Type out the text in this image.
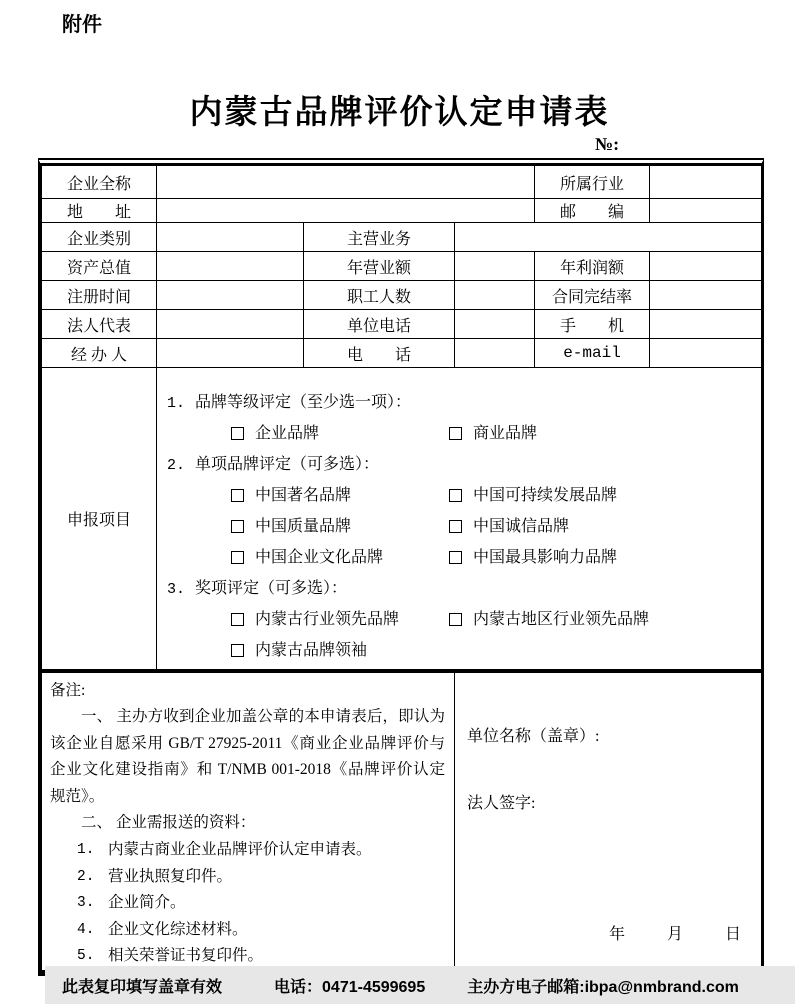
附件
内蒙古品牌评价认定申请表
№:
企业全称				所属行业	
地　　址				邮　　编	
企业类别		主营业务			
资产总值		年营业额		年利润额	
注册时间		职工人数		合同完结率	
法人代表		单位电话		手　　机	
经 办 人		电　　话		e-mail	
申报项目	
1. 品牌等级评定（至少选一项）：
企业品牌	商业品牌
2. 单项品牌评定（可多选）：
中国著名品牌	中国可持续发展品牌
中国质量品牌	中国诚信品牌
中国企业文化品牌	中国最具影响力品牌
3. 奖项评定（可多选）：
内蒙古行业领先品牌	内蒙古地区行业领先品牌
内蒙古品牌领袖

备注:
一、 主办方收到企业加盖公章的本申请表后，即认为该企业自愿采用 GB/T 27925-2011《商业企业品牌评价与企业文化建设指南》和 T/NMB 001-2018《品牌评价认定规范》。
二、 企业需报送的资料：
1. 内蒙古商业企业品牌评价认定申请表。
2. 营业执照复印件。
3. 企业简介。
4. 企业文化综述材料。
5. 相关荣誉证书复印件。

单位名称（盖章）:
法人签字:
年	月	日
此表复印填写盖章有效	电话：0471-4599695	主办方电子邮箱:ibpa@nmbrand.com
